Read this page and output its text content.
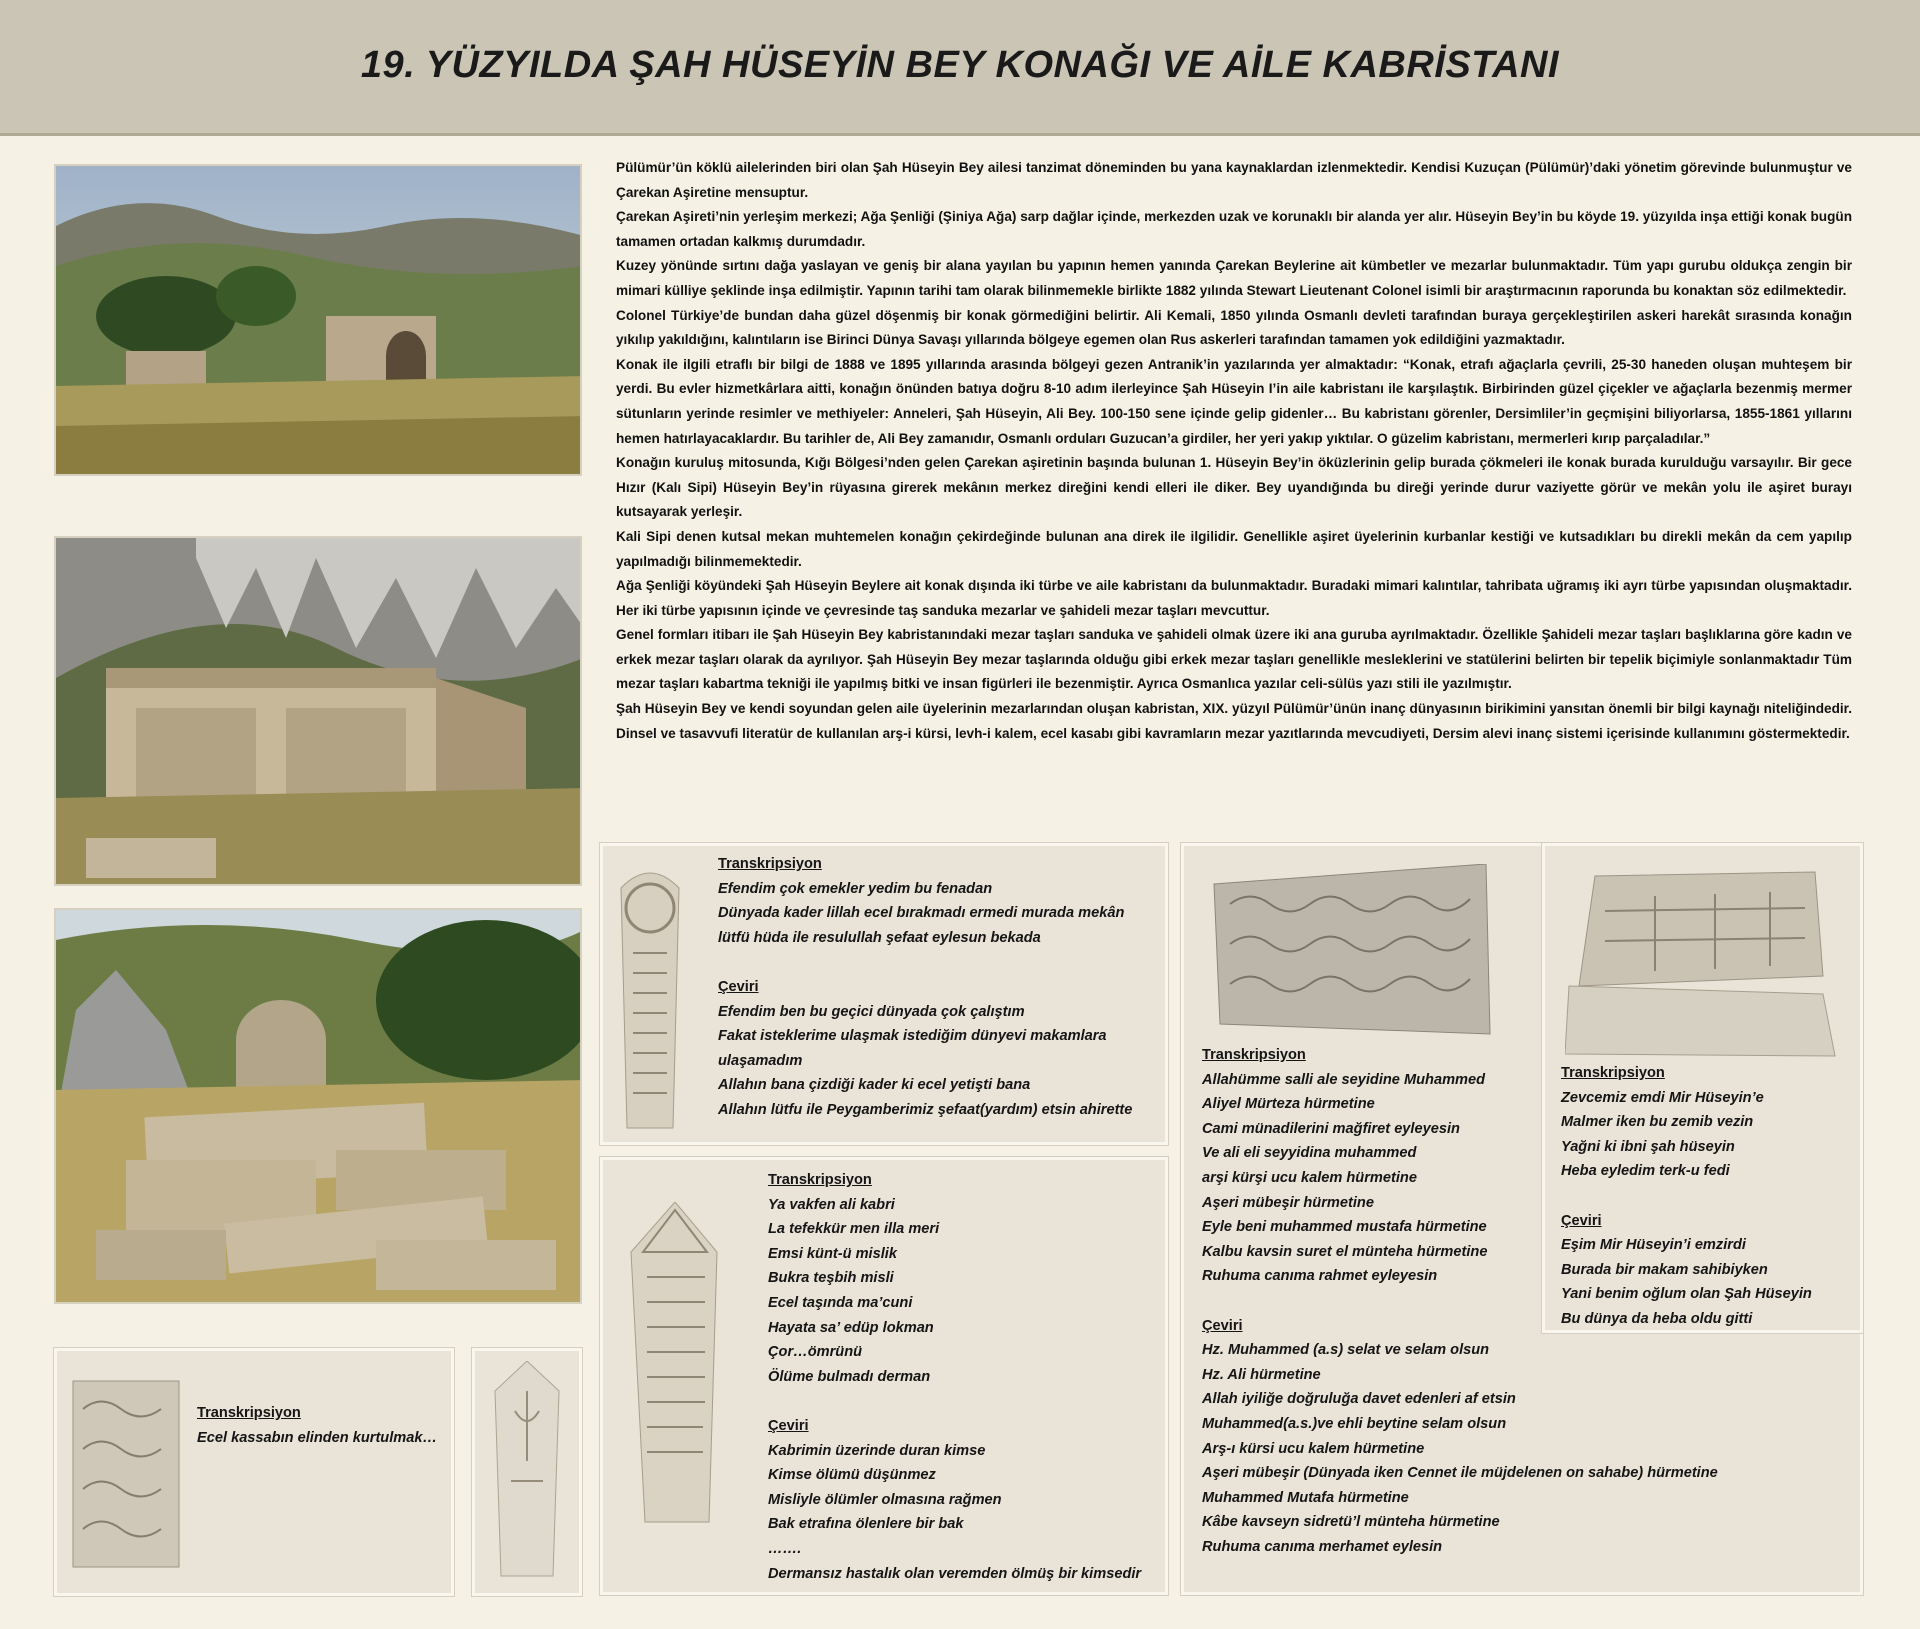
19. YÜZYILDA ŞAH HÜSEYİN BEY KONAĞI VE AİLE KABRİSTANI

Pülümür’ün köklü ailelerinden biri olan Şah Hüseyin Bey ailesi tanzimat döneminden bu yana kaynaklardan izlenmektedir. Kendisi Kuzuçan (Pülümür)’daki yönetim görevinde bulunmuştur ve Çarekan Aşiretine mensuptur.

Çarekan Aşireti’nin yerleşim merkezi; Ağa Şenliği (Şiniya Ağa) sarp dağlar içinde, merkezden uzak ve korunaklı bir alanda yer alır. Hüseyin Bey’in bu köyde 19. yüzyılda inşa ettiği konak bugün tamamen ortadan kalkmış durumdadır.

Kuzey yönünde sırtını dağa yaslayan ve geniş bir alana yayılan bu yapının hemen yanında Çarekan Beylerine ait kümbetler ve mezarlar bulunmaktadır. Tüm yapı gurubu oldukça zengin bir mimari külliye şeklinde inşa edilmiştir. Yapının tarihi tam olarak bilinmemekle birlikte 1882 yılında Stewart Lieutenant Colonel isimli bir araştırmacının raporunda bu konaktan söz edilmektedir.

Colonel Türkiye’de bundan daha güzel döşenmiş bir konak görmediğini belirtir. Ali Kemali, 1850 yılında Osmanlı devleti tarafından buraya gerçekleştirilen askeri harekât sırasında konağın yıkılıp yakıldığını, kalıntıların ise Birinci Dünya Savaşı yıllarında bölgeye egemen olan Rus askerleri tarafından tamamen yok edildiğini yazmaktadır.

Konak ile ilgili etraflı bir bilgi de 1888 ve 1895 yıllarında arasında bölgeyi gezen Antranik’in yazılarında yer almaktadır: “Konak, etrafı ağaçlarla çevrili, 25-30 haneden oluşan muhteşem bir yerdi. Bu evler hizmetkârlara aitti, konağın önünden batıya doğru 8-10 adım ilerleyince Şah Hüseyin I’in aile kabristanı ile karşılaştık. Birbirinden güzel çiçekler ve ağaçlarla bezenmiş mermer sütunların yerinde resimler ve methiyeler: Anneleri, Şah Hüseyin, Ali Bey. 100-150 sene içinde gelip gidenler… Bu kabristanı görenler, Dersimliler’in geçmişini biliyorlarsa, 1855-1861 yıllarını hemen hatırlayacaklardır. Bu tarihler de, Ali Bey zamanıdır, Osmanlı orduları Guzucan’a girdiler, her yeri yakıp yıktılar. O güzelim kabristanı, mermerleri kırıp parçaladılar.”

Konağın kuruluş mitosunda, Kığı Bölgesi’nden gelen Çarekan aşiretinin başında bulunan 1. Hüseyin Bey’in öküzlerinin gelip burada çökmeleri ile konak burada kurulduğu varsayılır. Bir gece Hızır (Kalı Sipi) Hüseyin Bey’in rüyasına girerek mekânın merkez direğini kendi elleri ile diker. Bey uyandığında bu direği yerinde durur vaziyette görür ve mekân yolu ile aşiret burayı kutsayarak yerleşir.

Kali Sipi denen kutsal mekan muhtemelen konağın çekirdeğinde bulunan ana direk ile ilgilidir. Genellikle aşiret üyelerinin kurbanlar kestiği ve kutsadıkları bu direkli mekân da cem yapılıp yapılmadığı bilinmemektedir.

Ağa Şenliği köyündeki Şah Hüseyin Beylere ait konak dışında iki türbe ve aile kabristanı da bulunmaktadır. Buradaki mimari kalıntılar, tahribata uğramış iki ayrı türbe yapısından oluşmaktadır. Her iki türbe yapısının içinde ve çevresinde taş sanduka mezarlar ve şahideli mezar taşları mevcuttur.

Genel formları itibarı ile Şah Hüseyin Bey kabristanındaki mezar taşları sanduka ve şahideli olmak üzere iki ana guruba ayrılmaktadır. Özellikle Şahideli mezar taşları başlıklarına göre kadın ve erkek mezar taşları olarak da ayrılıyor. Şah Hüseyin Bey mezar taşlarında olduğu gibi erkek mezar taşları genellikle mesleklerini ve statülerini belirten bir tepelik biçimiyle sonlanmaktadır Tüm mezar taşları kabartma tekniği ile yapılmış bitki ve insan figürleri ile bezenmiştir. Ayrıca Osmanlıca yazılar celi-sülüs yazı stili ile yazılmıştır.

Şah Hüseyin Bey ve kendi soyundan gelen aile üyelerinin mezarlarından oluşan kabristan, XIX. yüzyıl Pülümür’ünün inanç dünyasının birikimini yansıtan önemli bir bilgi kaynağı niteliğindedir. Dinsel ve tasavvufi literatür de kullanılan arş-i kürsi, levh-i kalem, ecel kasabı gibi kavramların mezar yazıtlarında mevcudiyeti, Dersim alevi inanç sistemi içerisinde kullanımını göstermektedir.

Transkripsiyon
Efendim çok emekler yedim bu fenadan
Dünyada kader lillah ecel bırakmadı ermedi murada mekân
lütfü hüda ile resulullah şefaat eylesun bekada
Çeviri
Efendim ben bu geçici dünyada çok çalıştım
Fakat isteklerime ulaşmak istediğim dünyevi makamlara
ulaşamadım
Allahın bana çizdiği kader ki ecel yetişti bana
Allahın lütfu ile Peygamberimiz şefaat(yardım) etsin ahirette
Transkripsiyon
Ya vakfen ali kabri
La tefekkür men illa meri
Emsi künt-ü mislik
Bukra teşbih misli
Ecel taşında ma’cuni
Hayata sa’ edüp lokman
Çor…ömrünü
Ölüme bulmadı derman
Çeviri
Kabrimin üzerinde duran kimse
Kimse ölümü düşünmez
Misliyle ölümler olmasına rağmen
Bak etrafına ölenlere bir bak
…….
Dermansız hastalık olan veremden ölmüş bir kimsedir
Transkripsiyon
Allahümme salli ale seyidine Muhammed
Aliyel Mürteza hürmetine
Cami münadilerini mağfiret eyleyesin
Ve ali eli seyyidina muhammed
arşi kürşi ucu kalem hürmetine
Aşeri mübeşir hürmetine
Eyle beni muhammed mustafa hürmetine
Kalbu kavsin suret el münteha hürmetine
Ruhuma canıma rahmet eyleyesin
Çeviri
Hz. Muhammed (a.s) selat ve selam olsun
Hz. Ali hürmetine
Allah iyiliğe doğruluğa davet edenleri af etsin
Muhammed(a.s.)ve ehli beytine selam olsun
Arş-ı kürsi ucu kalem hürmetine
Aşeri mübeşir (Dünyada iken Cennet ile müjdelenen on sahabe) hürmetine
Muhammed Mutafa hürmetine
Kâbe kavseyn sidretü’l münteha hürmetine
Ruhuma canıma merhamet eylesin
Transkripsiyon
Zevcemiz emdi Mir Hüseyin’e
Malmer iken bu zemib vezin
Yağni ki ibni şah hüseyin
Heba eyledim terk-u fedi
Çeviri
Eşim Mir Hüseyin’i emzirdi
Burada bir makam sahibiyken
Yani benim oğlum olan Şah Hüseyin
Bu dünya da heba oldu gitti
Transkripsiyon
Ecel kassabın elinden kurtulmak…
